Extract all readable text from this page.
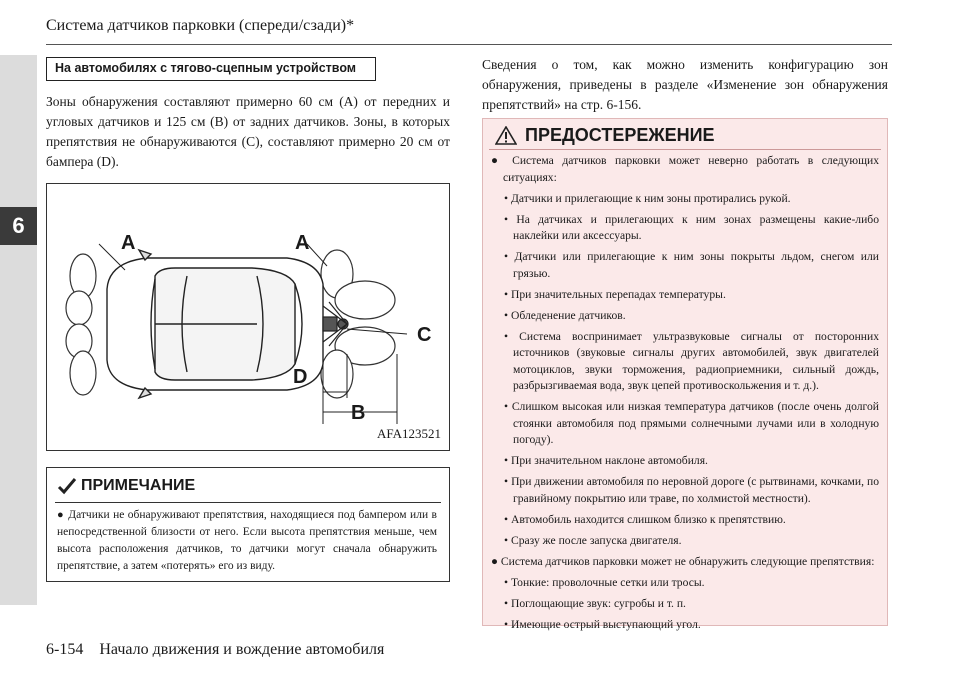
6
Система датчиков парковки (спереди/сзади)*
На автомобилях с тягово-сцепным устройством
Зоны обнаружения составляют примерно 60 см (A) от передних и угловых датчиков и 125 см (B) от задних датчиков. Зоны, в которых препятствия не обнаруживаются (C), составляют примерно 20 см от бампера (D).
A	A
C
D
B
AFA123521
ПРИМЕЧАНИЕ
● Датчики не обнаруживают препятствия, находящиеся под бампером или в непосредственной близости от него. Если высота препятствия меньше, чем высота расположения датчиков, то датчики могут сначала обнаружить препятствие, а затем «потерять» его из виду.
Сведения о том, как можно изменить конфигурацию зон обнаружения, приведены в разделе «Изменение зон обнаружения препятствий» на стр. 6-156.
ПРЕДОСТЕРЕЖЕНИЕ
● Система датчиков парковки может неверно работать в следующих ситуациях:
• Датчики и прилегающие к ним зоны протирались рукой.
• На датчиках и прилегающих к ним зонах размещены какие-либо наклейки или аксессуары.
• Датчики или прилегающие к ним зоны покрыты льдом, снегом или грязью.
• При значительных перепадах температуры.
• Обледенение датчиков.
• Система воспринимает ультразвуковые сигналы от посторонних источников (звуковые сигналы других автомобилей, звук двигателей мотоциклов, звуки торможения, радиоприемники, сильный дождь, разбрызгиваемая вода, звук цепей противоскольжения и т. д.).
• Слишком высокая или низкая температура датчиков (после очень долгой стоянки автомобиля под прямыми солнечными лучами или в холодную погоду).
• При значительном наклоне автомобиля.
• При движении автомобиля по неровной дороге (с рытвинами, кочками, по гравийному покрытию или траве, по холмистой местности).
• Автомобиль находится слишком близко к препятствию.
• Сразу же после запуска двигателя.
● Система датчиков парковки может не обнаружить следующие препятствия:
• Тонкие: проволочные сетки или тросы.
• Поглощающие звук: сугробы и т. п.
• Имеющие острый выступающий угол.
6-154 Начало движения и вождение автомобиля
